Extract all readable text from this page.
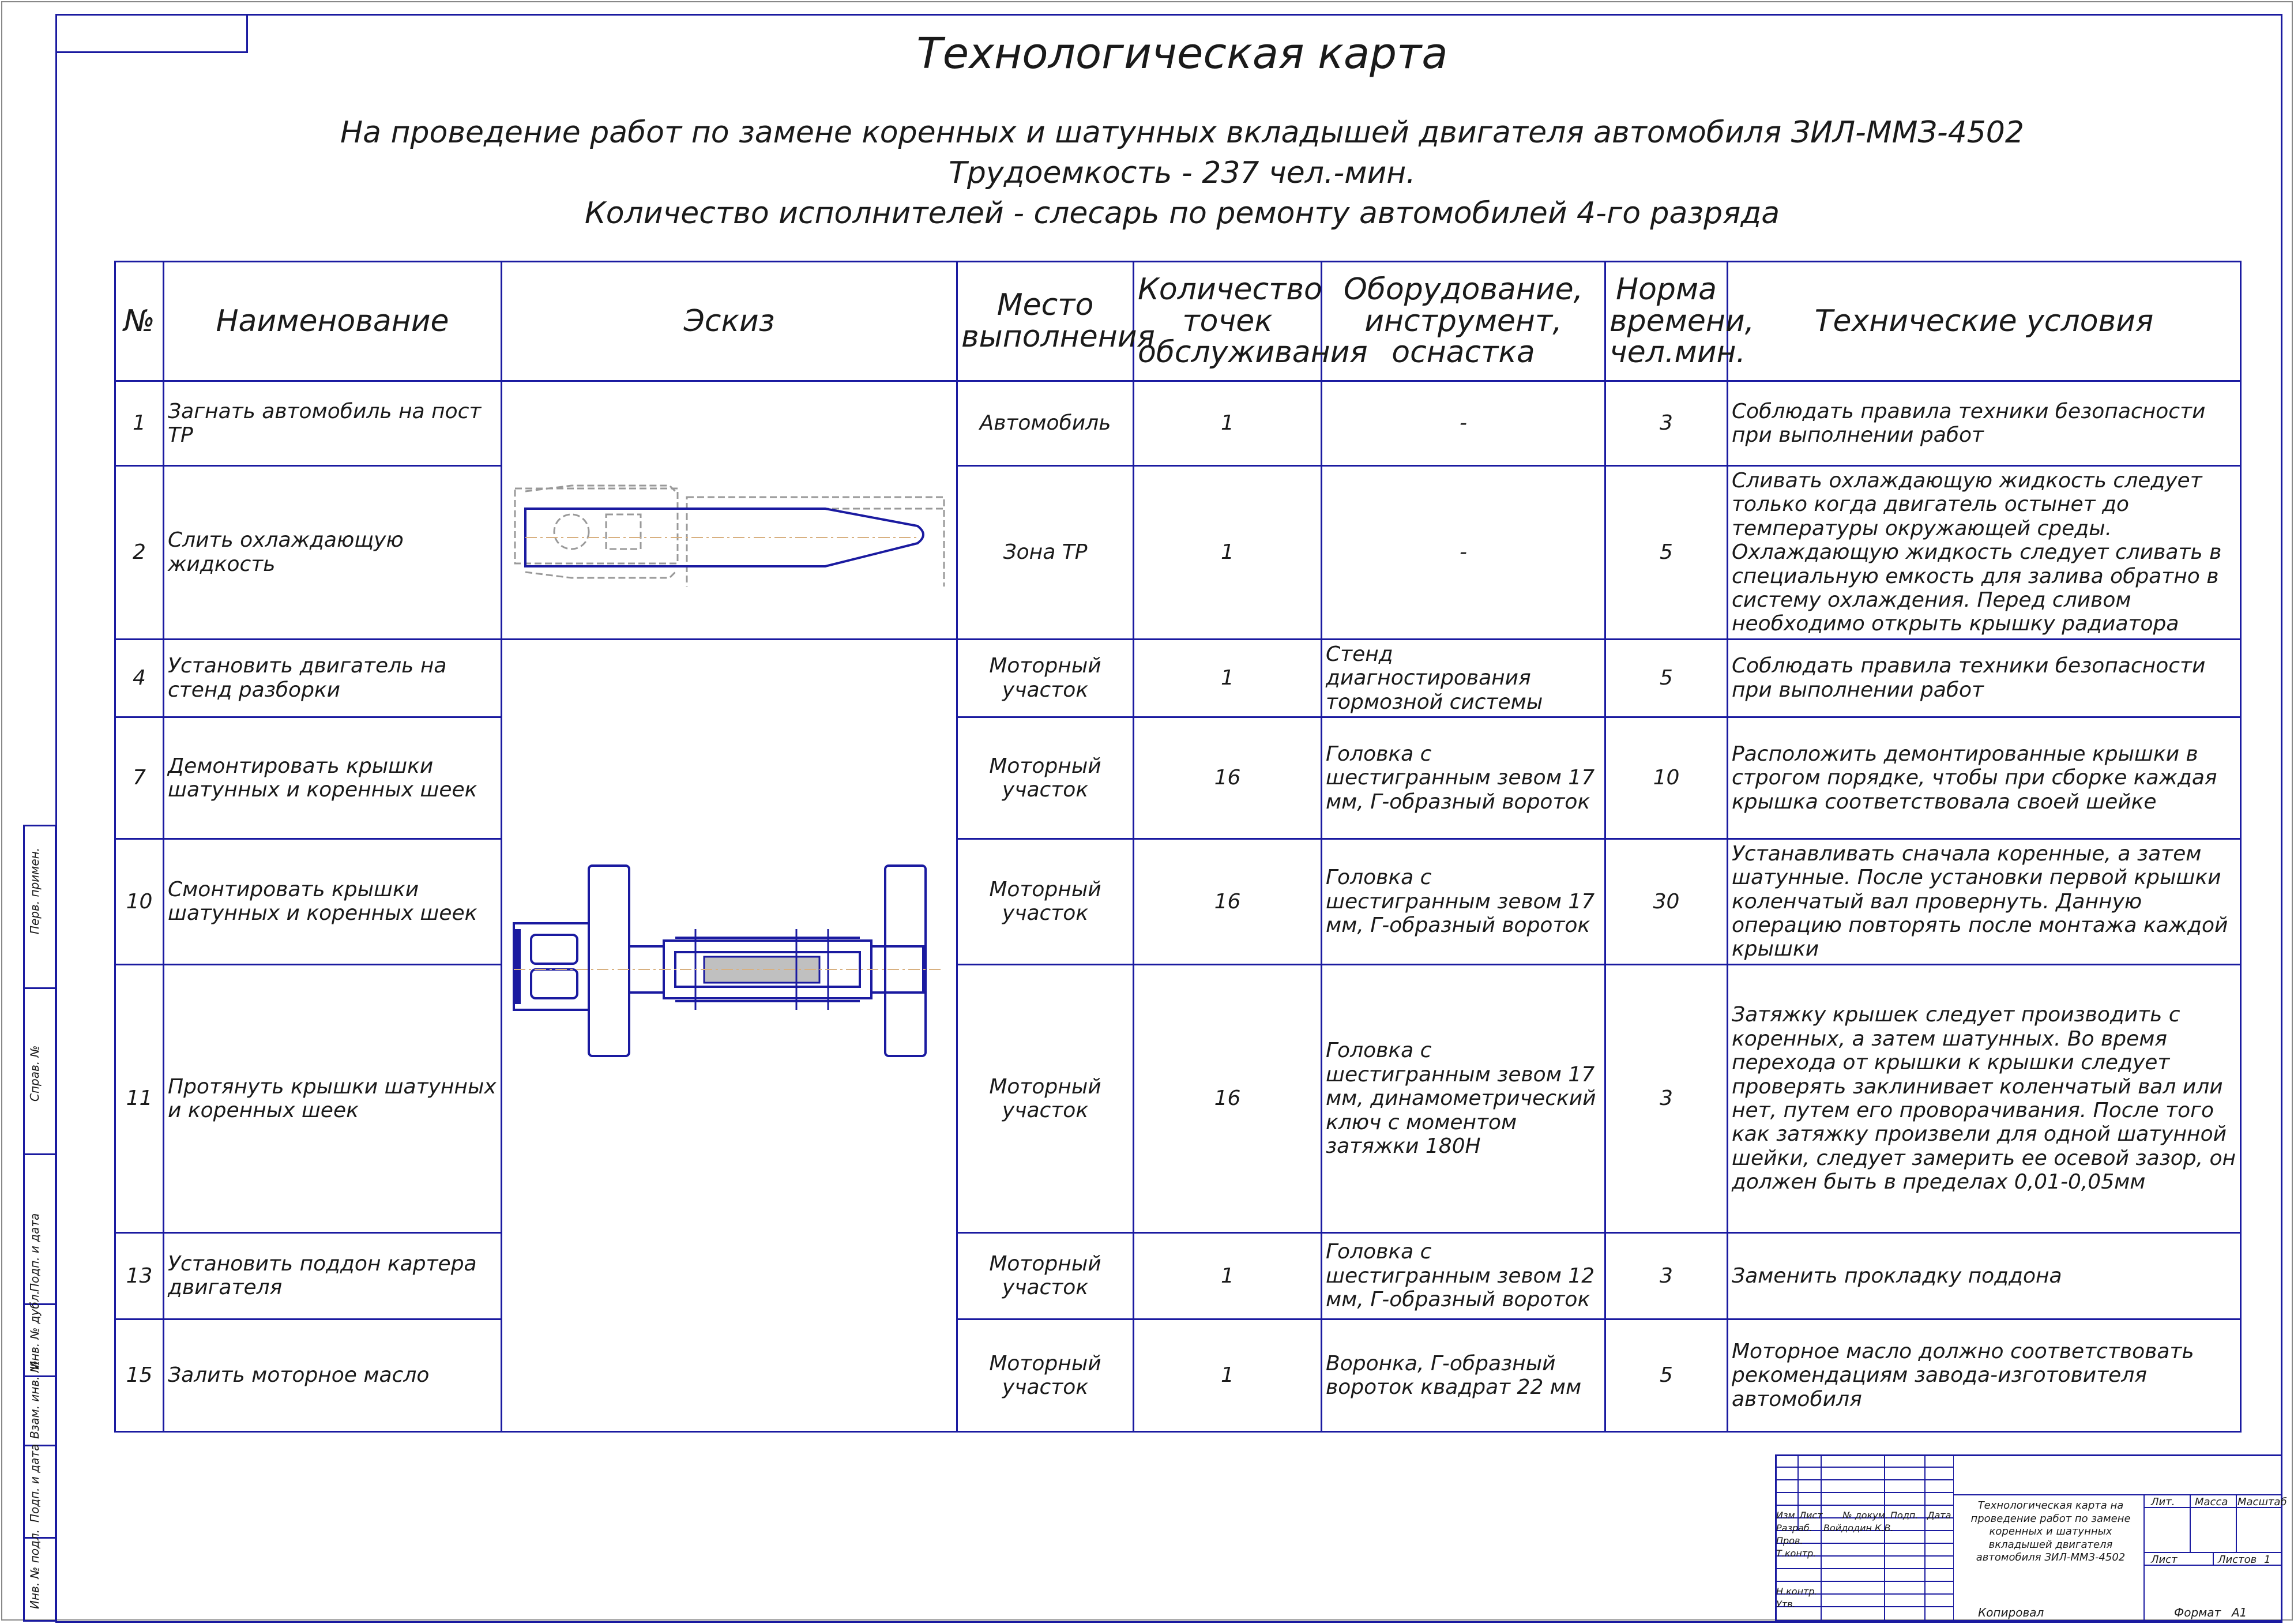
Перв. примен.
Справ. №
Подп. и дата
Инв. № дубл.
Взам. инв. №
Подп. и дата
Инв. № подл.
Технологическая карта
На проведение работ по замене коренных и шатунных вкладышей двигателя автомобиля ЗИЛ-ММЗ-4502
Трудоемкость - 237 чел.-мин.
Количество исполнителей - слесарь по ремонту автомобилей 4-го разряда
№	Наименование	Эскиз	Место выполнения	Количество точек обслуживания	Оборудование, инструмент, оснастка	Норма времени, чел.мин.	Технические условия
1	Загнать автомобиль на пост ТР		Автомобиль	1	-	3	Соблюдать правила техники безопасности при выполнении работ
2	Слить охлаждающую жидкость		Зона ТР	1	-	5	Сливать охлаждающую жидкость следует только когда двигатель остынет до температуры окружающей среды. Охлаждающую жидкость следует сливать в специальную емкость для залива обратно в систему охлаждения. Перед сливом необходимо открыть крышку радиатора
4	Установить двигатель на стенд разборки		Моторный участок	1	Стенд диагностирования тормозной системы	5	Соблюдать правила техники безопасности при выполнении работ
7	Демонтировать крышки шатунных и коренных шеек		Моторный участок	16	Головка с шестигранным зевом 17 мм, Г-образный вороток	10	Расположить демонтированные крышки в строгом порядке, чтобы при сборке каждая крышка соответствовала своей шейке
10	Смонтировать крышки шатунных и коренных шеек		Моторный участок	16	Головка с шестигранным зевом 17 мм, Г-образный вороток	30	Устанавливать сначала коренные, а затем шатунные. После установки первой крышки коленчатый вал провернуть. Данную операцию повторять после монтажа каждой крышки
11	Протянуть крышки шатунных и коренных шеек		Моторный участок	16	Головка с шестигранным зевом 17 мм, динамометрический ключ с моментом затяжки 180Н	3	Затяжку крышек следует производить с коренных, а затем шатунных. Во время перехода от крышки к крышки следует проверять заклинивает коленчатый вал или нет, путем его проворачивания. После того как затяжку произвели для одной шатунной шейки, следует замерить ее осевой зазор, он должен быть в пределах 0,01-0,05мм
13	Установить поддон картера двигателя		Моторный участок	1	Головка с шестигранным зевом 12 мм, Г-образный вороток	3	Заменить прокладку поддона
15	Залить моторное масло		Моторный участок	1	Воронка, Г-образный вороток квадрат 22 мм	5	Моторное масло должно соответствовать рекомендациям завода-изготовителя автомобиля
Изм Лист № докум. Подп. Дата
Разраб. Войдодин К.В.
Пров.
Т.контр.
Н.контр.
Утв.
Технологическая карта на проведение работ по замене коренных и шатунных вкладышей двигателя автомобиля ЗИЛ-ММЗ-4502
Лит. Масса Масштаб
Лист	Листов 1
Копировал	Формат A1
